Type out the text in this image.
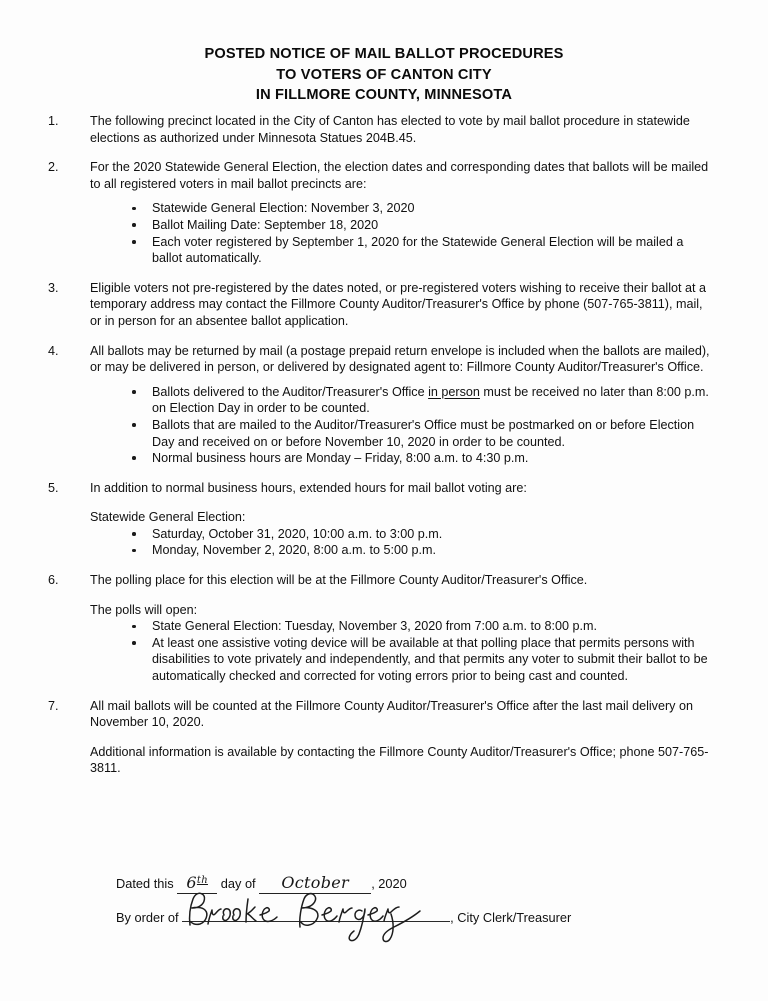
POSTED NOTICE OF MAIL BALLOT PROCEDURES
TO VOTERS OF CANTON CITY
IN FILLMORE COUNTY, MINNESOTA
1.	The following precinct located in the City of Canton has elected to vote by mail ballot procedure in statewide elections as authorized under Minnesota Statues 204B.45.
2.	For the 2020 Statewide General Election, the election dates and corresponding dates that ballots will be mailed to all registered voters in mail ballot precincts are:
Statewide General Election: November 3, 2020
Ballot Mailing Date: September 18, 2020
Each voter registered by September 1, 2020 for the Statewide General Election will be mailed a ballot automatically.
3.	Eligible voters not pre-registered by the dates noted, or pre-registered voters wishing to receive their ballot at a temporary address may contact the Fillmore County Auditor/Treasurer's Office by phone (507-765-3811), mail, or in person for an absentee ballot application.
4.	All ballots may be returned by mail (a postage prepaid return envelope is included when the ballots are mailed), or may be delivered in person, or delivered by designated agent to: Fillmore County Auditor/Treasurer's Office.
Ballots delivered to the Auditor/Treasurer's Office in person must be received no later than 8:00 p.m. on Election Day in order to be counted.
Ballots that are mailed to the Auditor/Treasurer's Office must be postmarked on or before Election Day and received on or before November 10, 2020 in order to be counted.
Normal business hours are Monday – Friday, 8:00 a.m. to 4:30 p.m.
5.	In addition to normal business hours, extended hours for mail ballot voting are:
Statewide General Election:
Saturday, October 31, 2020, 10:00 a.m. to 3:00 p.m.
Monday, November 2, 2020, 8:00 a.m. to 5:00 p.m.
6.	The polling place for this election will be at the Fillmore County Auditor/Treasurer's Office.
The polls will open:
State General Election: Tuesday, November 3, 2020 from 7:00 a.m. to 8:00 p.m.
At least one assistive voting device will be available at that polling place that permits persons with disabilities to vote privately and independently, and that permits any voter to submit their ballot to be automatically checked and corrected for voting errors prior to being cast and counted.
7.	All mail ballots will be counted at the Fillmore County Auditor/Treasurer's Office after the last mail delivery on November 10, 2020.
Additional information is available by contacting the Fillmore County Auditor/Treasurer's Office; phone 507-765-3811.
Dated this 6th day of October , 2020
By order of	, City Clerk/Treasurer
